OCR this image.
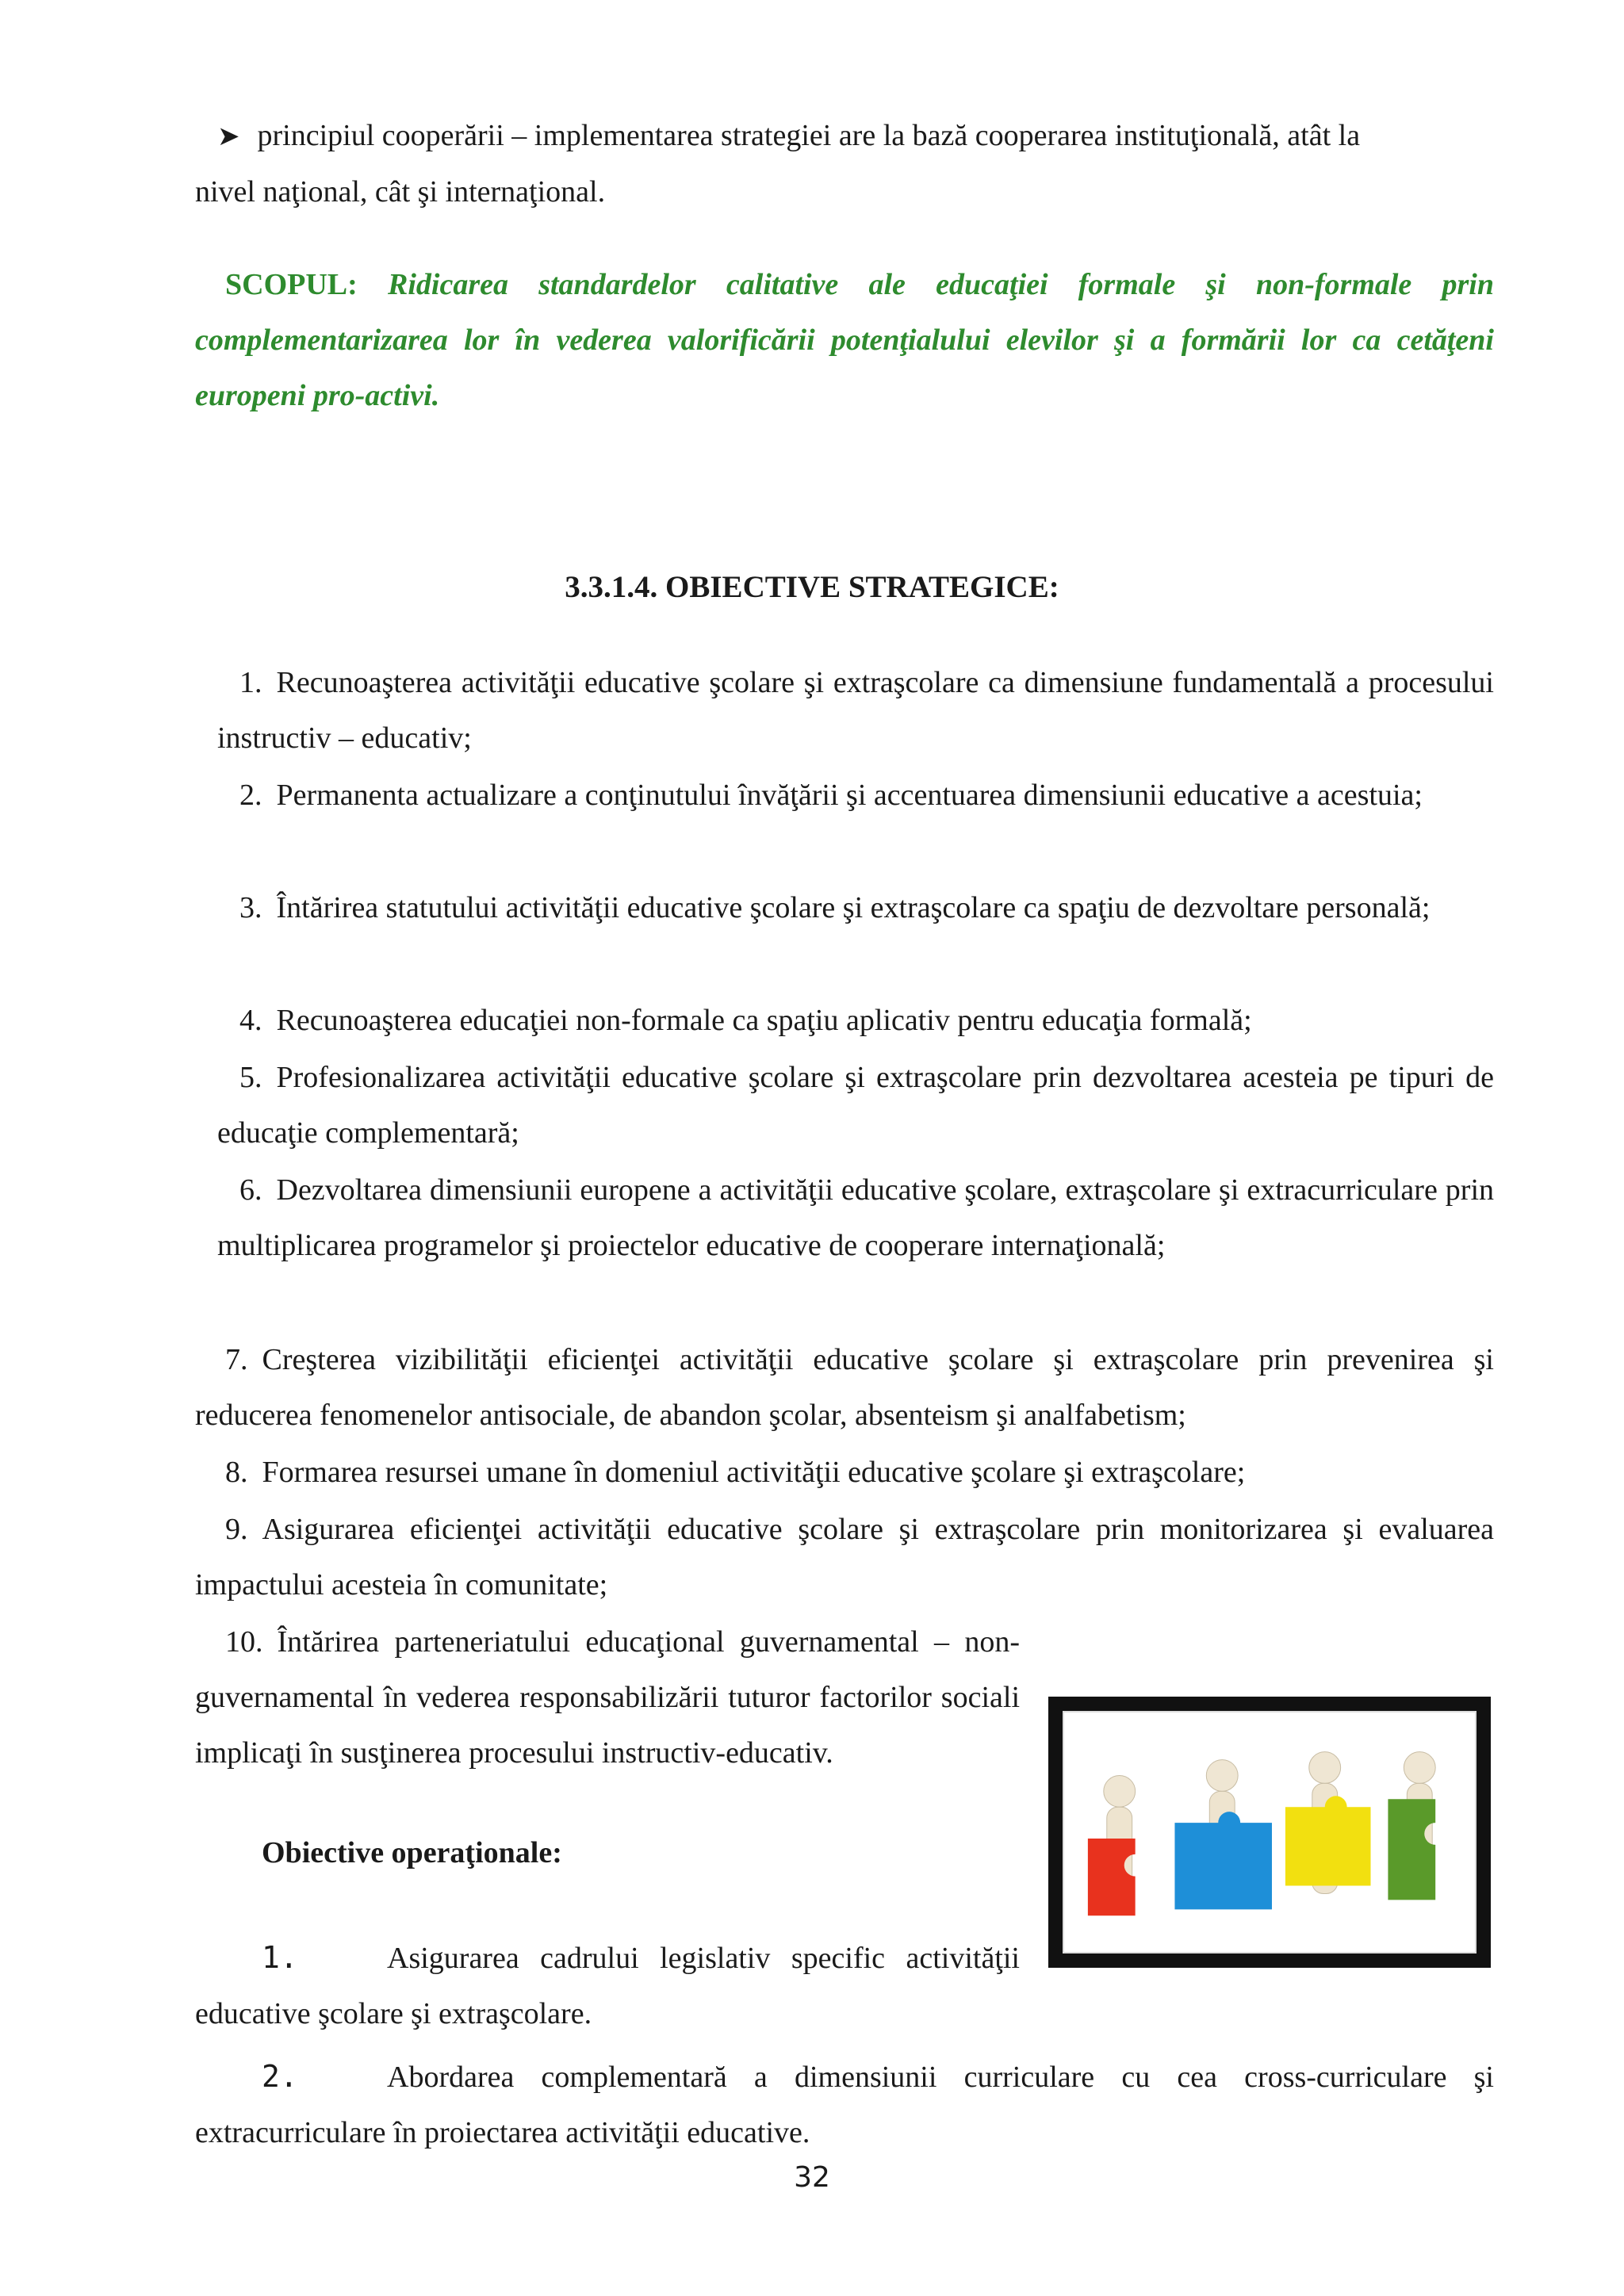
➤ principiul cooperării – implementarea strategiei are la bază cooperarea instituţională, atât la
nivel naţional, cât şi internaţional.

SCOPUL: Ridicarea standardelor calitative ale educaţiei formale şi non-formale prin complementarizarea lor în vederea valorificării potenţialului elevilor şi a formării lor ca cetăţeni europeni pro-activi.

3.3.1.4. OBIECTIVE STRATEGICE:

1. Recunoaşterea activităţii educative şcolare şi extraşcolare ca dimensiune fundamentală a procesului instructiv – educativ;

2. Permanenta actualizare a conţinutului învăţării şi accentuarea dimensiunii educative a acestuia;

3. Întărirea statutului activităţii educative şcolare şi extraşcolare ca spaţiu de dezvoltare personală;

4. Recunoaşterea educaţiei non-formale ca spaţiu aplicativ pentru educaţia formală;

5. Profesionalizarea activităţii educative şcolare şi extraşcolare prin dezvoltarea acesteia pe tipuri de educaţie complementară;

6. Dezvoltarea dimensiunii europene a activităţii educative şcolare, extraşcolare şi extracurriculare prin multiplicarea programelor şi proiectelor educative de cooperare internaţională;

7. Creşterea vizibilităţii eficienţei activităţii educative şcolare şi extraşcolare prin prevenirea şi reducerea fenomenelor antisociale, de abandon şcolar, absenteism şi analfabetism;

8. Formarea resursei umane în domeniul activităţii educative şcolare şi extraşcolare;

9. Asigurarea eficienţei activităţii educative şcolare şi extraşcolare prin monitorizarea şi evaluarea impactului acesteia în comunitate;

10. Întărirea parteneriatului educaţional guvernamental – non-guvernamental în vederea responsabilizării tuturor factorilor sociali implicaţi în susţinerea procesului instructiv-educativ.

Obiective operaţionale:

1.	Asigurarea cadrului legislativ specific activităţii educative şcolare şi extraşcolare.

2.	Abordarea complementară a dimensiunii curriculare cu cea cross-curriculare şi extracurriculare în proiectarea activităţii educative.

32
